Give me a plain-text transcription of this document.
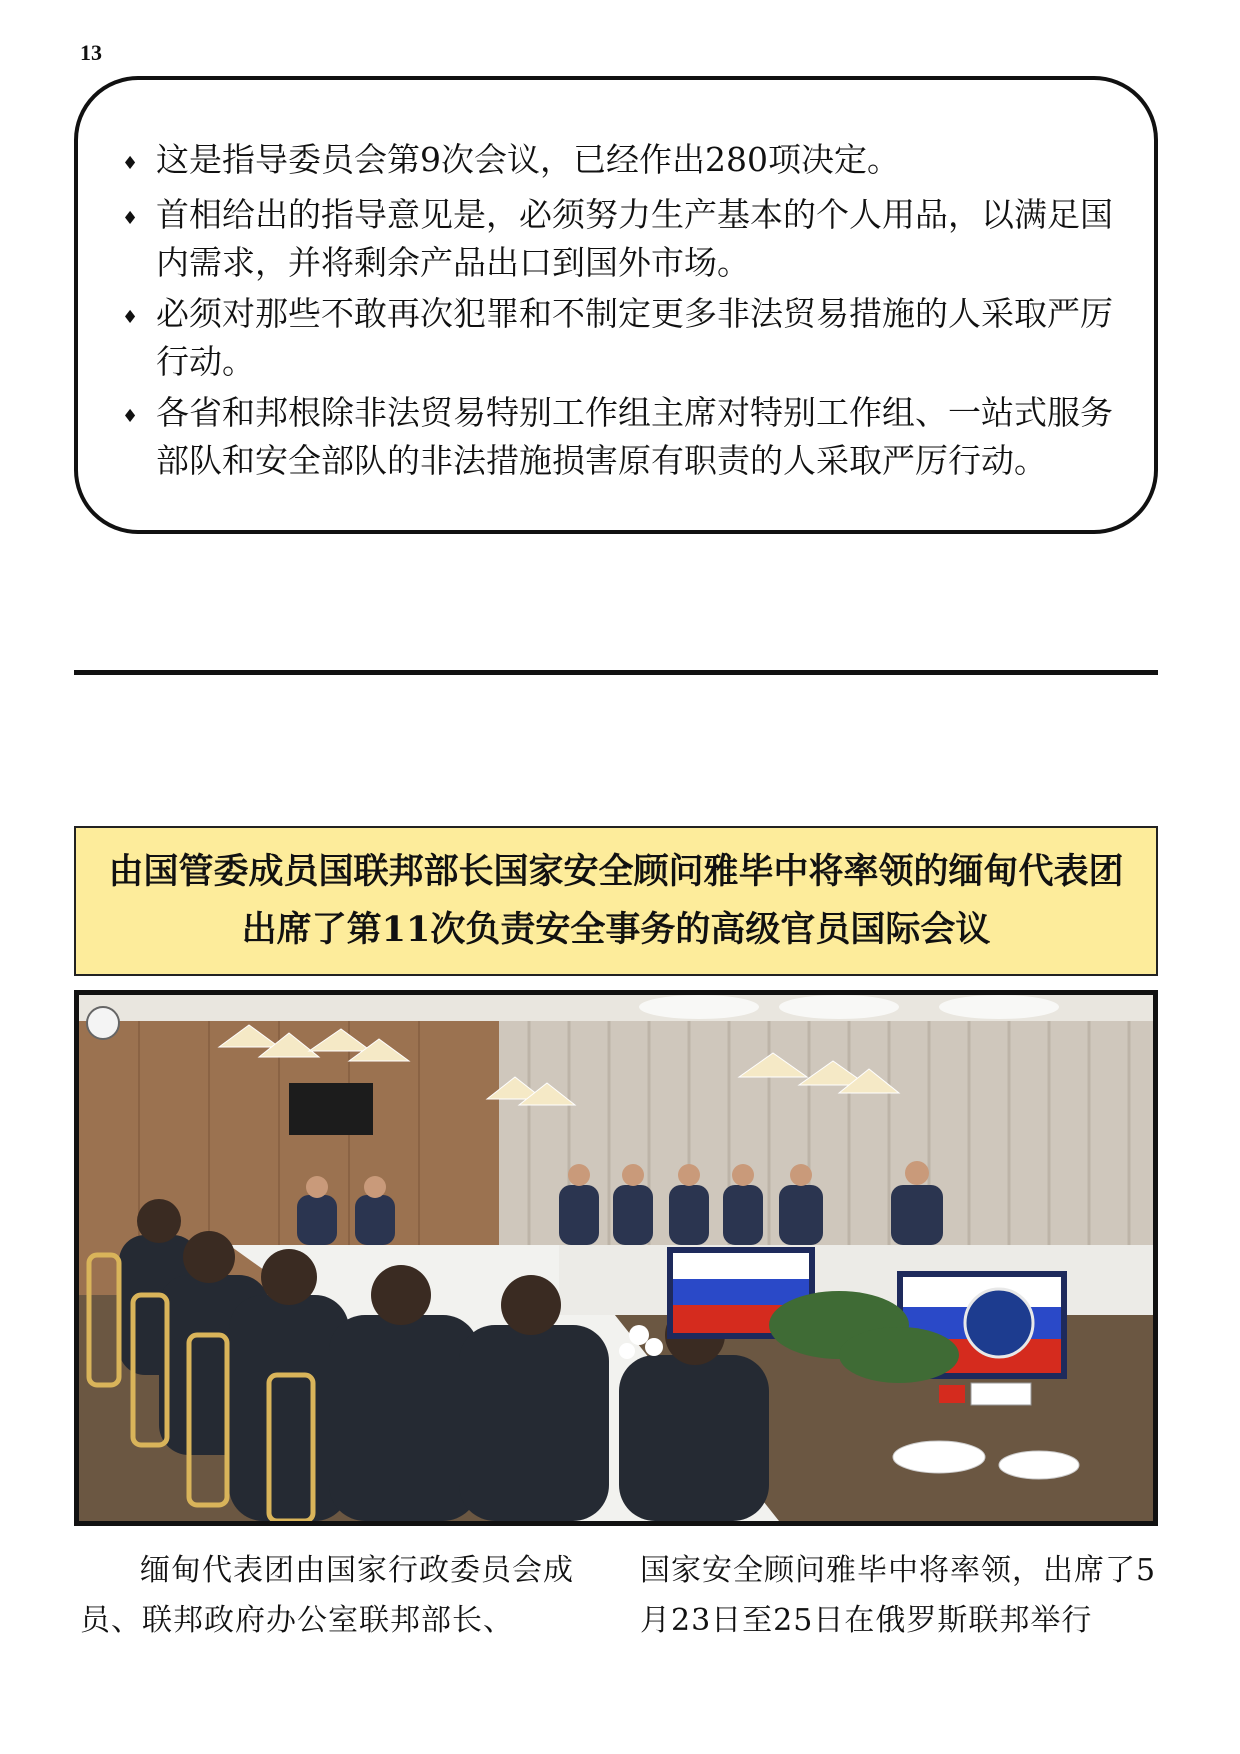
13
♦ 这是指导委员会第9次会议，已经作出280项决定。
♦ 首相给出的指导意见是，必须努力生产基本的个人用品，以满足国内需求，并将剩余产品出口到国外市场。
♦ 必须对那些不敢再次犯罪和不制定更多非法贸易措施的人采取严厉行动。
♦ 各省和邦根除非法贸易特别工作组主席对特别工作组、一站式服务部队和安全部队的非法措施损害原有职责的人采取严厉行动。
由国管委成员国联邦部长国家安全顾问雅毕中将率领的缅甸代表团出席了第11次负责安全事务的高级官员国际会议

缅甸代表团由国家行政委员会成员、联邦政府办公室联邦部长、

国家安全顾问雅毕中将率领，出席了5月23日至25日在俄罗斯联邦举行
